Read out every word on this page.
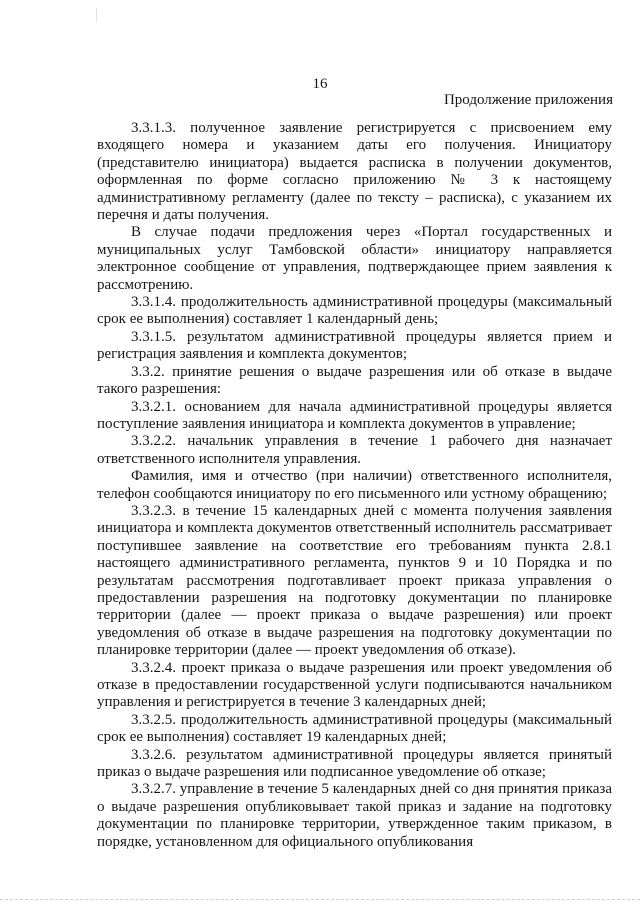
16
Продолжение приложения

3.3.1.3. полученное заявление регистрируется с присвоением ему входящего номера и указанием даты его получения. Инициатору (представителю инициатора) выдается расписка в получении документов, оформленная по форме согласно приложению № 3 к настоящему административному регламенту (далее по тексту – расписка), с указанием их перечня и даты получения.

В случае подачи предложения через «Портал государственных и муниципальных услуг Тамбовской области» инициатору направляется электронное сообщение от управления, подтверждающее прием заявления к рассмотрению.

3.3.1.4. продолжительность административной процедуры (максимальный срок ее выполнения) составляет 1 календарный день;

3.3.1.5. результатом административной процедуры является прием и регистрация заявления и комплекта документов;

3.3.2. принятие решения о выдаче разрешения или об отказе в выдаче такого разрешения:

3.3.2.1. основанием для начала административной процедуры является поступление заявления инициатора и комплекта документов в управление;

3.3.2.2. начальник управления в течение 1 рабочего дня назначает ответственного исполнителя управления.

Фамилия, имя и отчество (при наличии) ответственного исполнителя, телефон сообщаются инициатору по его письменного или устному обращению;

3.3.2.3. в течение 15 календарных дней с момента получения заявления инициатора и комплекта документов ответственный исполнитель рассматривает поступившее заявление на соответствие его требованиям пункта 2.8.1 настоящего административного регламента, пунктов 9 и 10 Порядка и по результатам рассмотрения подготавливает проект приказа управления о предоставлении разрешения на подготовку документации по планировке территории (далее — проект приказа о выдаче разрешения) или проект уведомления об отказе в выдаче разрешения на подготовку документации по планировке территории (далее — проект уведомления об отказе).

3.3.2.4. проект приказа о выдаче разрешения или проект уведомления об отказе в предоставлении государственной услуги подписываются начальником управления и регистрируется в течение 3 календарных дней;

3.3.2.5. продолжительность административной процедуры (максимальный срок ее выполнения) составляет 19 календарных дней;

3.3.2.6. результатом административной процедуры является принятый приказ о выдаче разрешения или подписанное уведомление об отказе;

3.3.2.7. управление в течение 5 календарных дней со дня принятия приказа о выдаче разрешения опубликовывает такой приказ и задание на подготовку документации по планировке территории, утвержденное таким приказом, в порядке, установленном для официального опубликования
